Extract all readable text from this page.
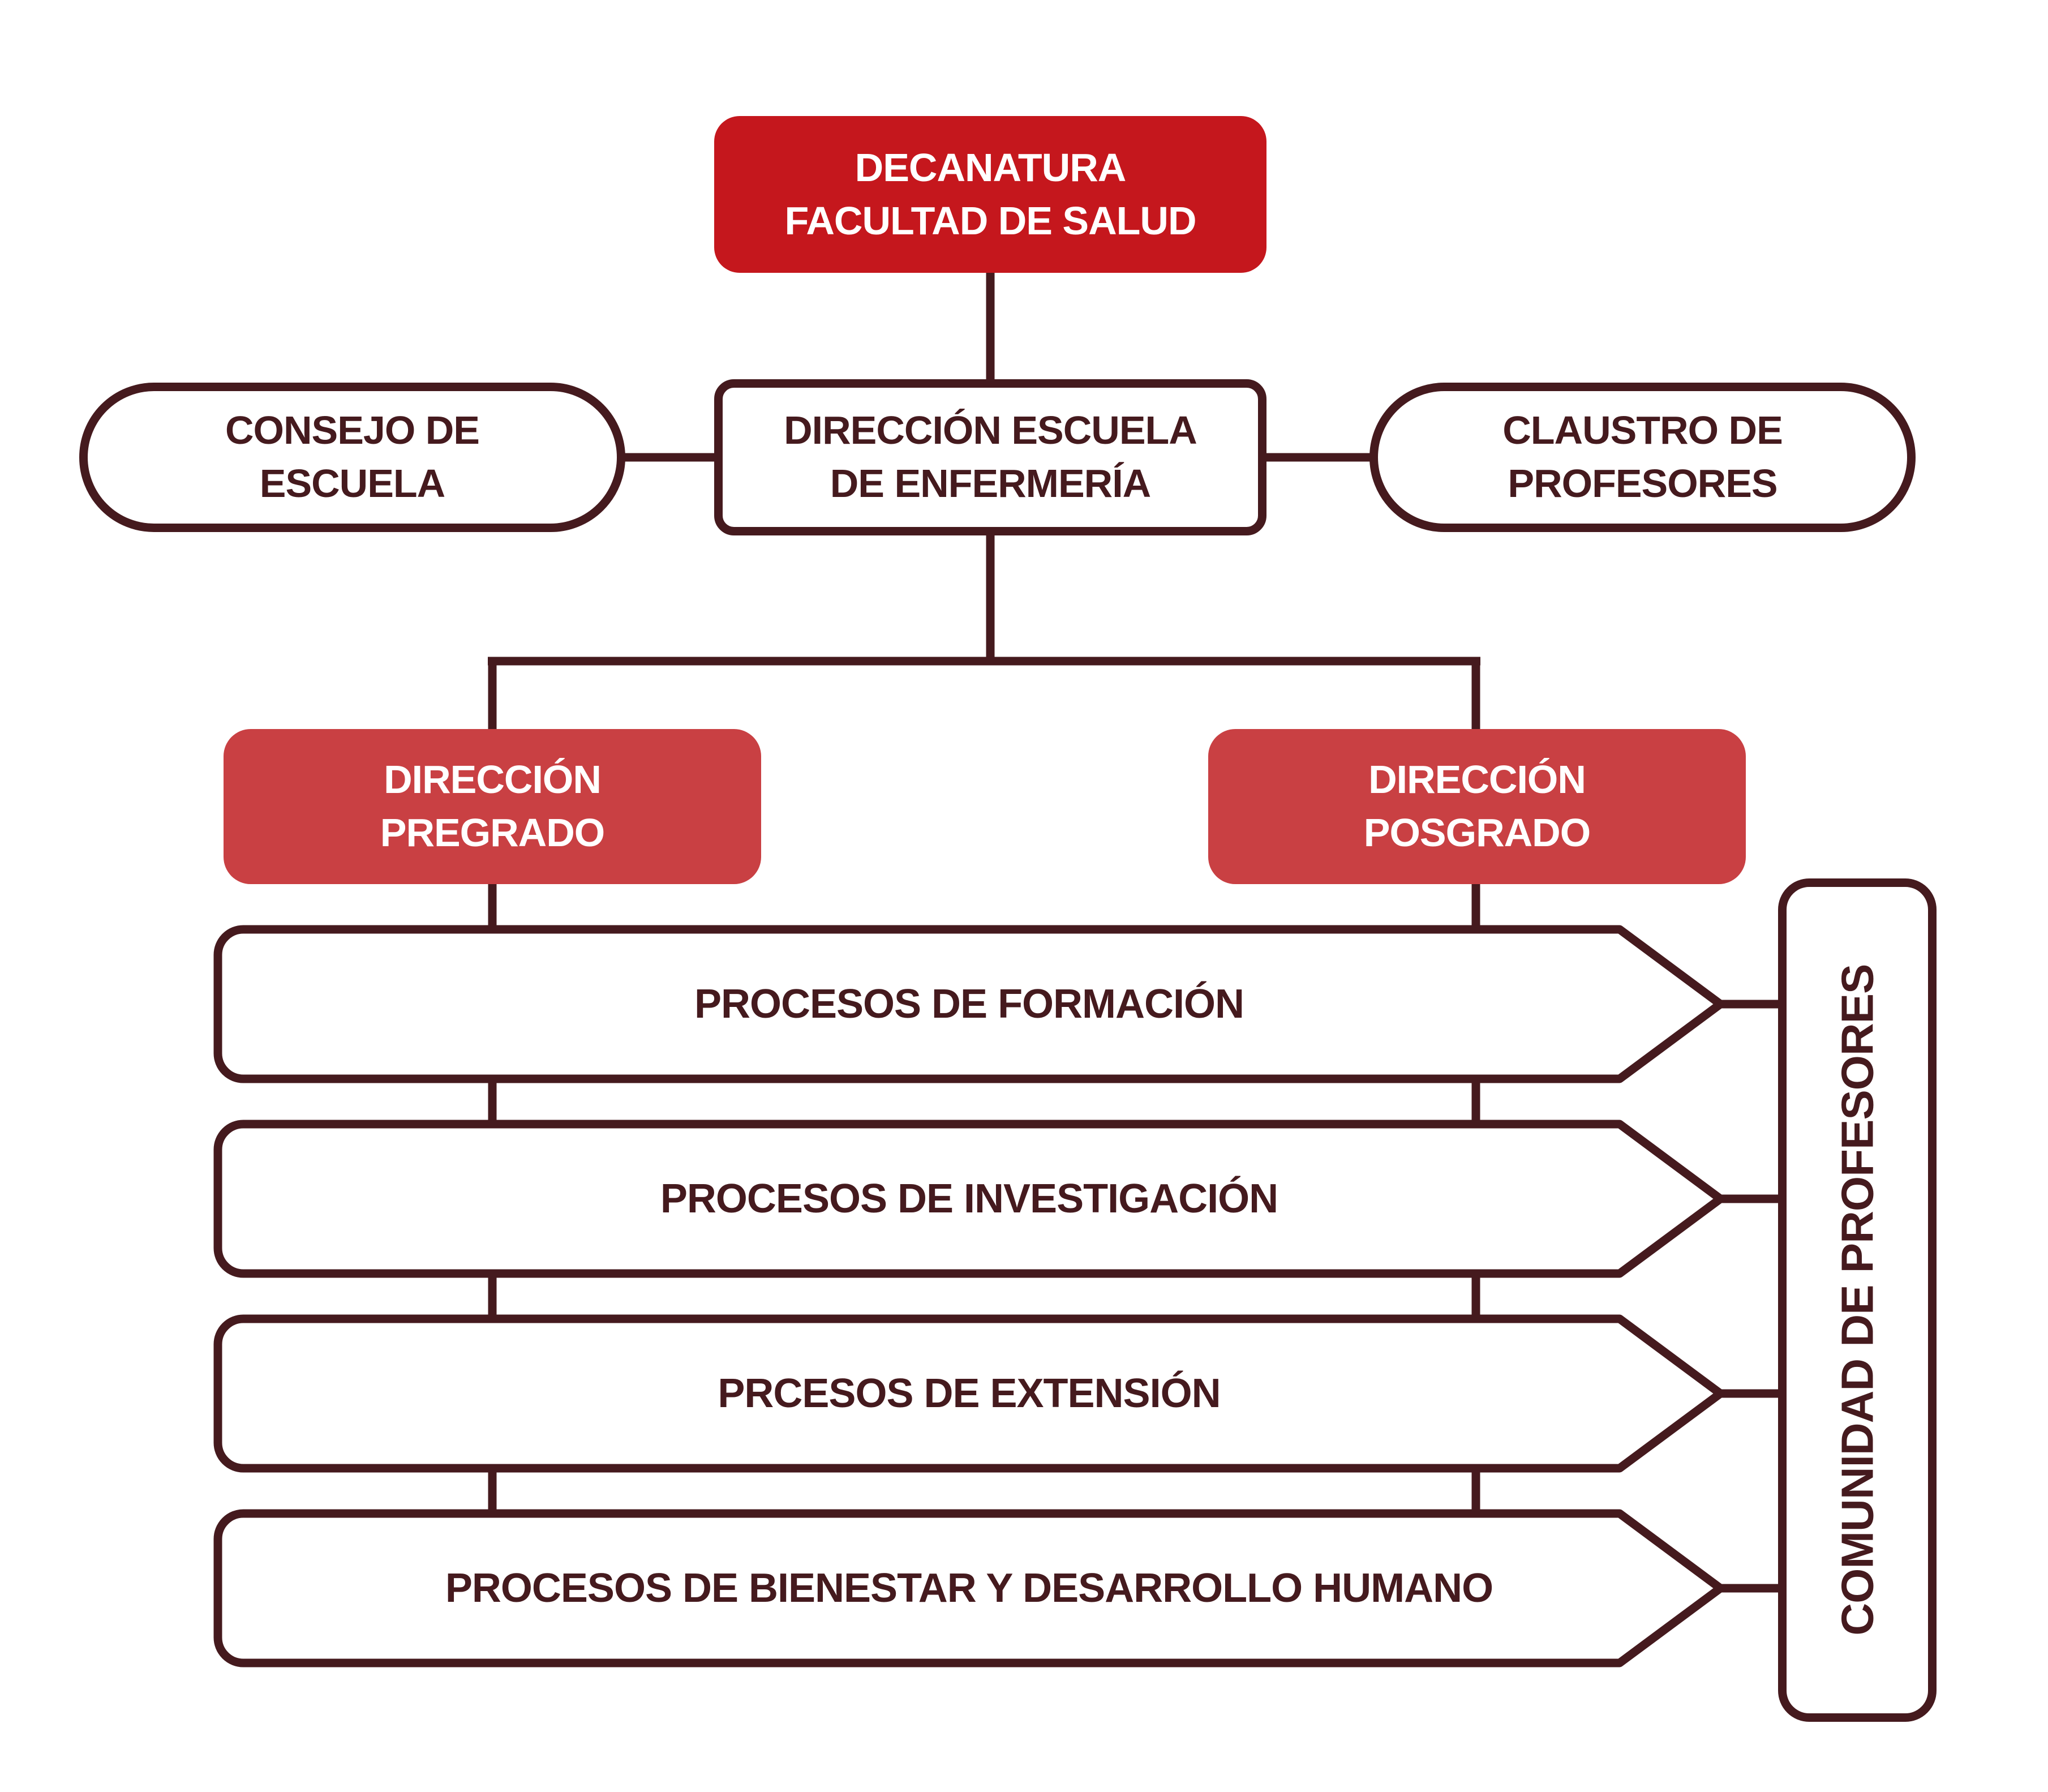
DECANATURA
FACULTAD DE SALUD
CONSEJO DE
ESCUELA
DIRECCIÓN ESCUELA
DE ENFERMERÍA
CLAUSTRO DE
PROFESORES
DIRECCIÓN
PREGRADO
DIRECCIÓN
POSGRADO
PROCESOS DE FORMACIÓN
PROCESOS DE INVESTIGACIÓN
PRCESOS DE EXTENSIÓN
PROCESOS DE BIENESTAR Y DESARROLLO HUMANO	COMUNIDAD DE PROFESORES
